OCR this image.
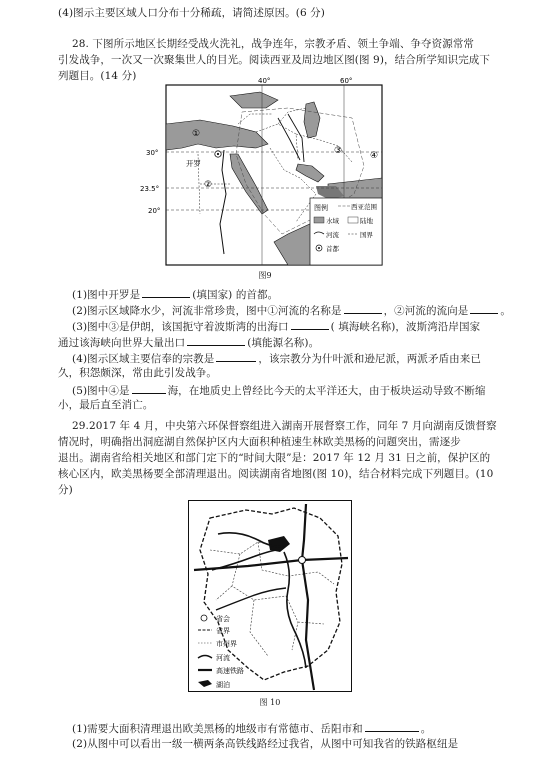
(4)图示主要区域人口分布十分稀疏，请简述原因。(6 分)
28. 下图所示地区长期经受战火洗礼，战争连年，宗教矛盾、领土争端、争夺资源常常
引发战争，一次又一次聚集世人的目光。阅读西亚及周边地区图(图 9)，结合所学知识完成下
列题目。(14 分)	40°	60°
30°
23.5°
20°
开罗
①
②
③	④
图例	西亚范围
水域	陆地
河流	国界
首都
图9
(1)图中开罗是	(填国家) 的首都。
(2)图示区域降水少，河流非常珍贵，图中①河流的名称是	，②河流的流向是	。
(3)图中③是伊朗，该国扼守着波斯湾的出海口	( 填海峡名称)，波斯湾沿岸国家
通过该海峡向世界大量出口	(填能源名称)。
(4)图示区域主要信奉的宗教是	，该宗教分为什叶派和逊尼派，两派矛盾由来已
久，积怨颇深，常由此引发战争。
(5)图中④是	海，在地质史上曾经比今天的太平洋还大，由于板块运动导致不断缩
小，最后直至消亡。
29.2017 年 4 月，中央第六环保督察组进入湖南开展督察工作，同年 7 月向湖南反馈督察
情况时，明确指出洞庭湖自然保护区内大面积种植速生林欧美黑杨的问题突出，需逐步
退出。湖南省给相关地区和部门定下的“时间大限”是：2017 年 12 月 31 日之前，保护区的
核心区内，欧美黑杨要全部清理退出。阅读湖南省地图(图 10)，结合材料完成下列题目。(10
分)
省会
省界
市州界
河流
高速铁路
湖泊
图 10
(1)需要大面积清理退出欧美黑杨的地级市有常德市、岳阳市和	。
(2)从图中可以看出一级一横两条高铁线路经过我省，从图中可知我省的铁路枢纽是
